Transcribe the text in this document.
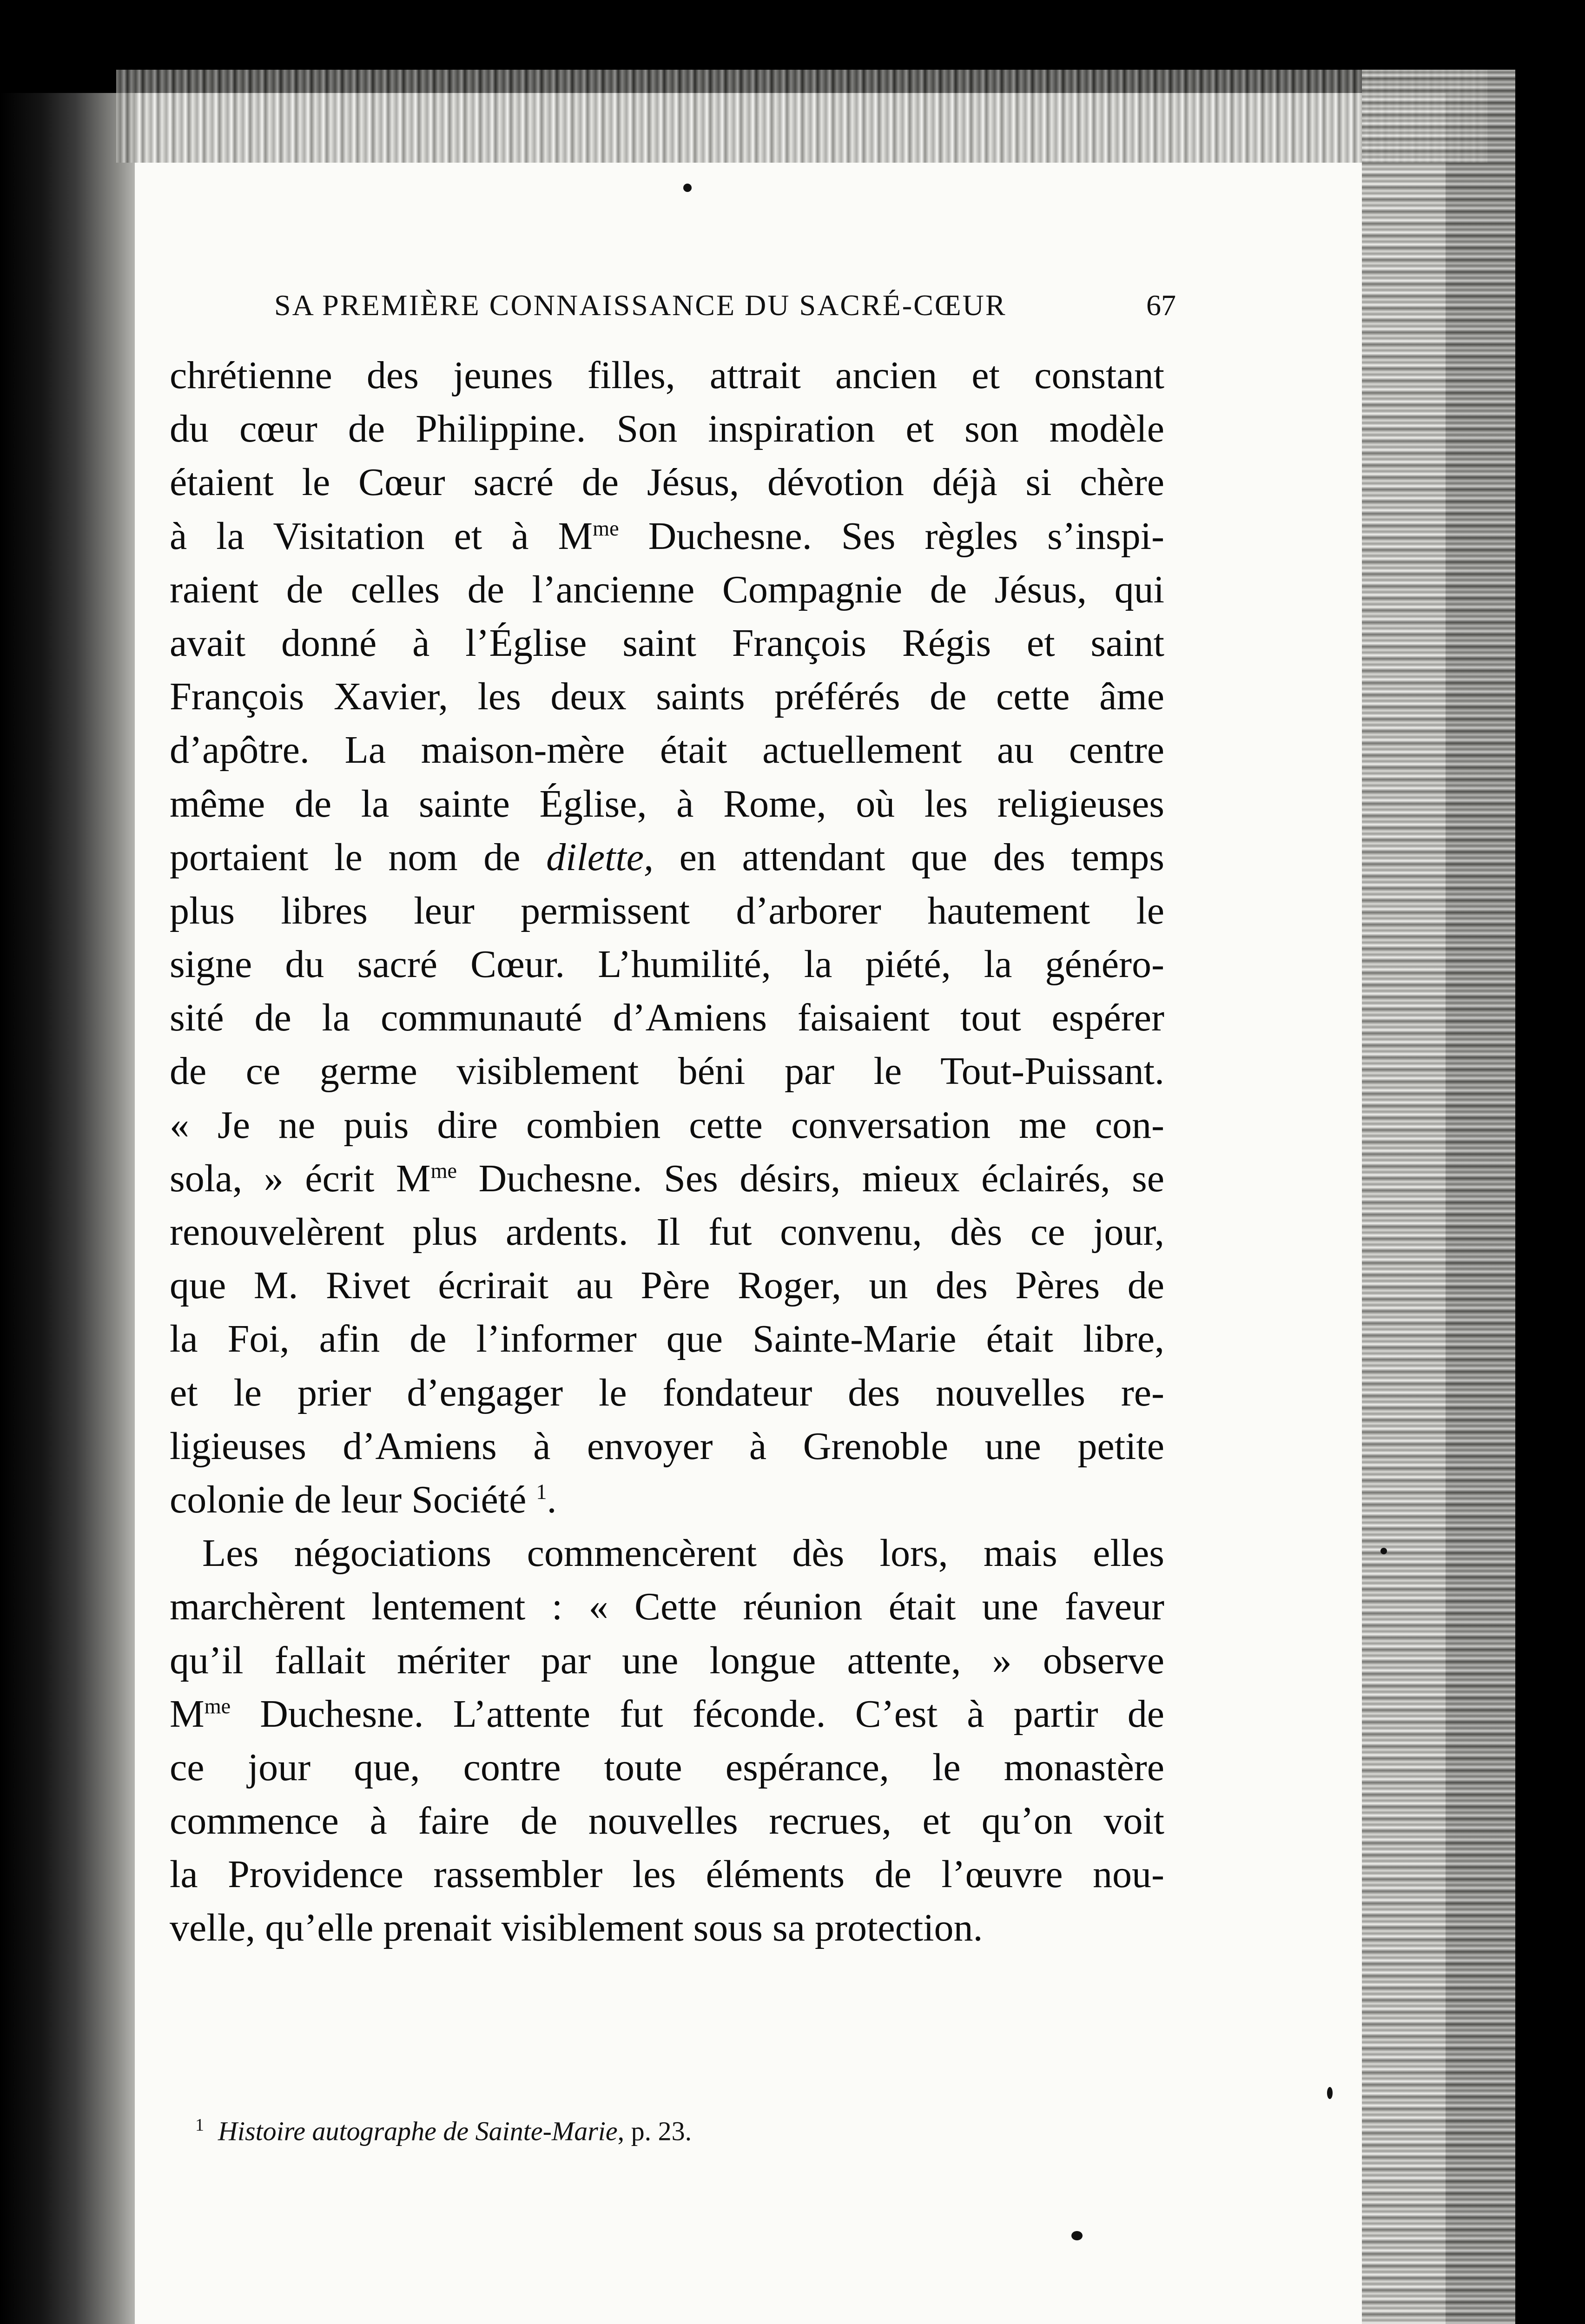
SA PREMIÈRE CONNAISSANCE DU SACRÉ-CŒUR	67
chrétienne des jeunes filles, attrait ancien et constant
du cœur de Philippine. Son inspiration et son modèle
étaient le Cœur sacré de Jésus, dévotion déjà si chère
à la Visitation et à $M^{me}$ Duchesne. Ses règles s’inspi-
raient de celles de l’ancienne Compagnie de Jésus, qui
avait donné à l’Église saint François Régis et saint
François Xavier, les deux saints préférés de cette âme
d’apôtre. La maison-mère était actuellement au centre
même de la sainte Église, à Rome, où les religieuses
portaient le nom de dilette, en attendant que des temps
plus libres leur permissent d’arborer hautement le
signe du sacré Cœur. L’humilité, la piété, la généro-
sité de la communauté d’Amiens faisaient tout espérer
de ce germe visiblement béni par le Tout-Puissant.
« Je ne puis dire combien cette conversation me con-
sola, » écrit $M^{me}$ Duchesne. Ses désirs, mieux éclairés, se
renouvelèrent plus ardents. Il fut convenu, dès ce jour,
que M. Rivet écrirait au Père Roger, un des Pères de
la Foi, afin de l’informer que Sainte-Marie était libre,
et le prier d’engager le fondateur des nouvelles re-
ligieuses d’Amiens à envoyer à Grenoble une petite
colonie de leur Société $^1$.
Les négociations commencèrent dès lors, mais elles
marchèrent lentement : « Cette réunion était une faveur
qu’il fallait mériter par une longue attente, » observe
$M^{me}$ Duchesne. L’attente fut féconde. C’est à partir de
ce jour que, contre toute espérance, le monastère
commence à faire de nouvelles recrues, et qu’on voit
la Providence rassembler les éléments de l’œuvre nou-
velle, qu’elle prenait visiblement sous sa protection.
$^1$ Histoire autographe de Sainte-Marie, p. 23.
